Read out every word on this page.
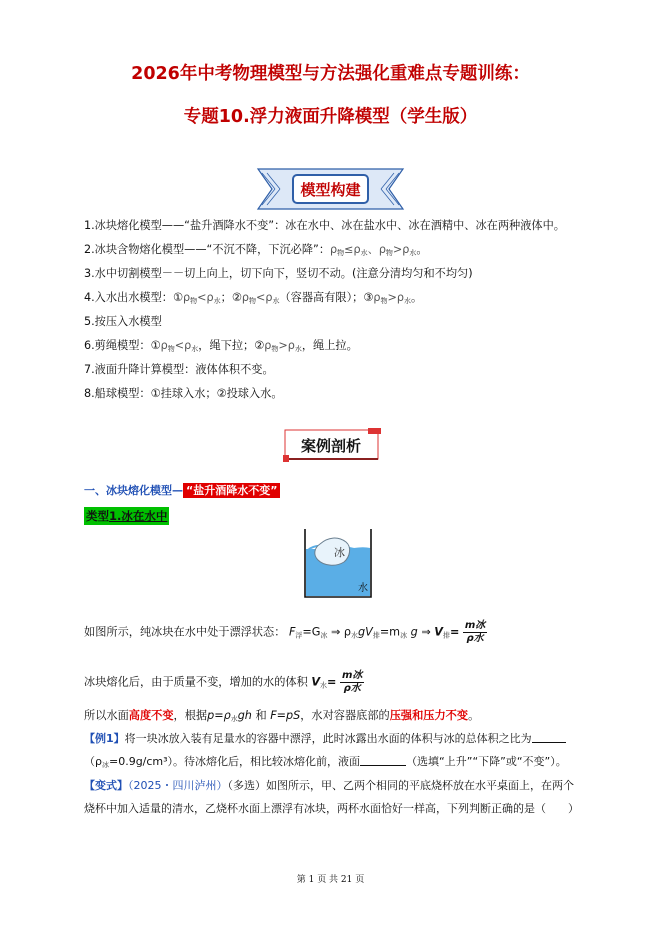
2026年中考物理模型与方法强化重难点专题训练：
专题10.浮力液面升降模型（学生版）
模型构建
1.冰块熔化模型——“盐升酒降水不变”：冰在水中、冰在盐水中、冰在酒精中、冰在两种液体中。
2.冰块含物熔化模型——“不沉不降，下沉必降”：$\rho_物\le\rho_水$、$\rho_物>\rho_水$。
3.水中切割模型－－切上向上，切下向下，竖切不动。(注意分清均匀和不均匀)
4.入水出水模型：$①\rho_物<\rho_水$；$②\rho_物<\rho_水$（容器高有限）；$③\rho_物>\rho_水$。
5.按压入水模型
6.剪绳模型：$①\rho_物<\rho_水$，绳下拉；$②\rho_物>\rho_水$，绳上拉。
7.液面升降计算模型：液体体积不变。
8.船球模型：①挂球入水；②投球入水。
案例剖析
一、冰块熔化模型— “盐升酒降水不变”
类型1.冰在水中
冰
水
如图所示，纯冰块在水中处于漂浮状态： $F_浮=G_冰$ ⇒ $\rho_水gV_排=m_冰$ g ⇒ $V_排= \frac{\text{m冰}}{\text{ρ水}}$
冰块熔化后，由于质量不变，增加的水的体积 $V_水= \frac{\text{m冰}}{\text{ρ水}}$
所以水面高度不变，根据$p=\rho_水gh$ 和 F=pS，水对容器底部的压强和压力不变。
【例1】将一块冰放入装有足量水的容器中漂浮，此时冰露出水面的体积与冰的总体积之比为
$(\rho_冰=0.9g/cm^3)$。待冰熔化后，相比较冰熔化前，液面	（选填“上升”“下降”或“不变”）。
【变式】（2025・四川泸州）（多选）如图所示，甲、乙两个相同的平底烧杯放在水平桌面上，在两个
烧杯中加入适量的清水，乙烧杯水面上漂浮有冰块，两杯水面恰好一样高，下列判断正确的是（　　）
第 1 页 共 21 页
